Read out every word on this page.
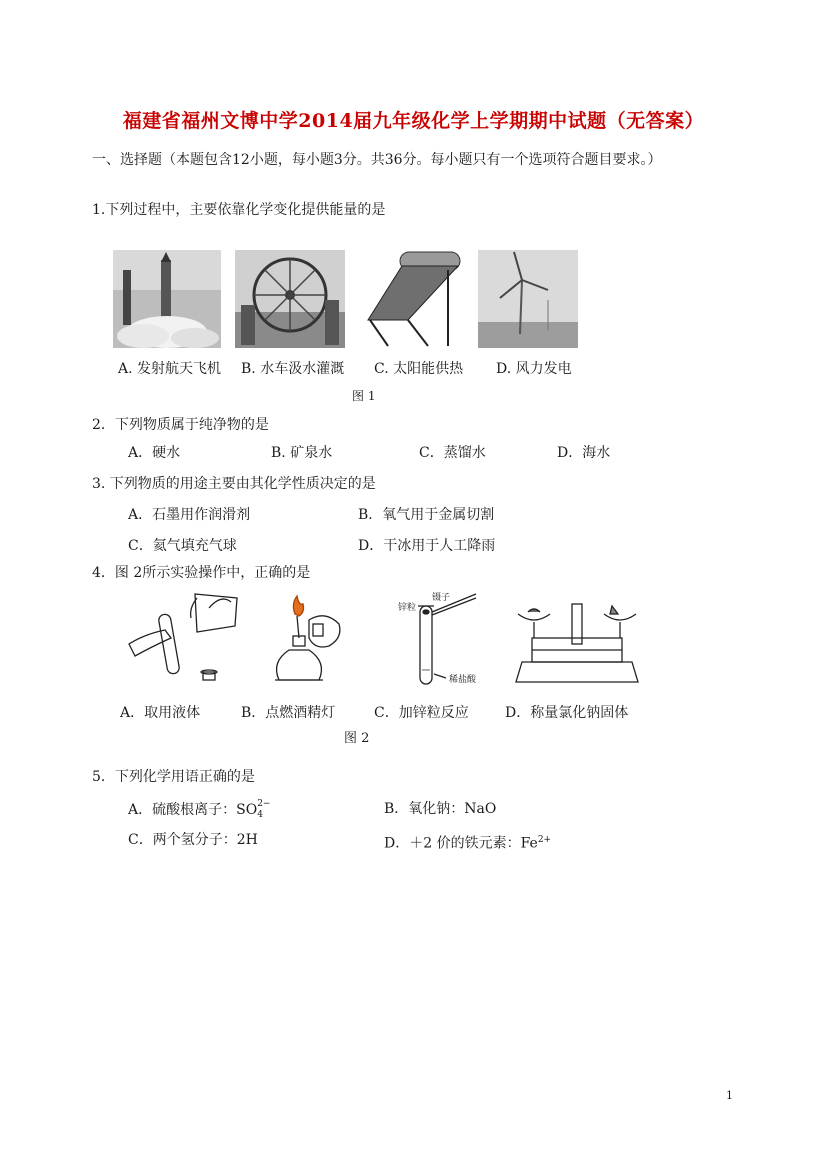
福建省福州文博中学2014届九年级化学上学期期中试题（无答案）
一、选择题（本题包含12小题，每小题3分。共36分。每小题只有一个选项符合题目要求。）
1.下列过程中，主要依靠化学变化提供能量的是
A. 发射航天飞机 B. 水车汲水灌溉 C. 太阳能供热 D. 风力发电
图 1
2．下列物质属于纯净物的是
A．硬水	B. 矿泉水	C．蒸馏水	D．海水
3. 下列物质的用途主要由其化学性质决定的是
A．石墨用作润滑剂	B．氧气用于金属切割
C．氦气填充气球	D．干冰用于人工降雨
4．图 2所示实验操作中，正确的是
镊子
锌粒
稀盐酸
A．取用液体	B．点燃酒精灯	C．加锌粒反应	D．称量氯化钠固体
图 2
5．下列化学用语正确的是
A．硫酸根离子：SO 2−
4	B．氧化钠：NaO
C．两个氢分子：2H	D．＋2 价的铁元素：$Fe^{2+}$
1
